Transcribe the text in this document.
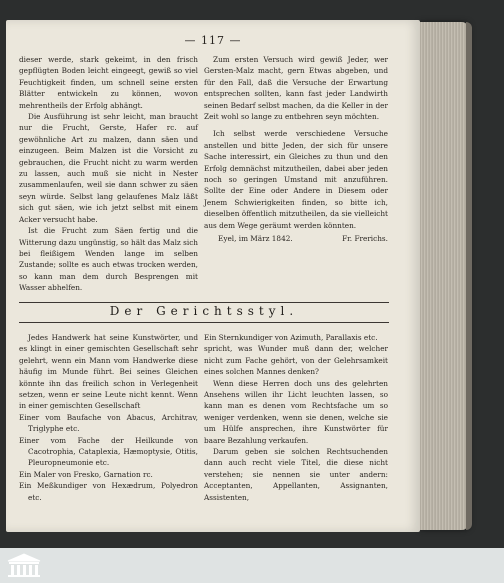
— 117 —

dieser werde, stark gekeimt, in den frisch gepflügten Boden leicht eingeegt, gewiß so viel Feuchtigkeit finden, um schnell seine ersten Blätter entwickeln zu können, wovon mehrentheils der Erfolg abhängt.

Die Ausführung ist sehr leicht, man braucht nur die Frucht, Gerste, Hafer rc. auf gewöhnliche Art zu malzen, dann säen und einzugeen. Beim Malzen ist die Vorsicht zu gebrauchen, die Frucht nicht zu warm werden zu lassen, auch muß sie nicht in Nester zusammenlaufen, weil sie dann schwer zu säen seyn würde. Selbst lang gelaufenes Malz läßt sich gut säen, wie ich jetzt selbst mit einem Acker versucht habe.

Ist die Frucht zum Säen fertig und die Witterung dazu ungünstig, so hält das Malz sich bei fleißigem Wenden lange im selben Zustande; sollte es auch etwas trocken werden, so kann man dem durch Besprengen mit Wasser abhelfen.

Zum ersten Versuch wird gewiß Jeder, wer Gersten-Malz macht, gern Etwas abgeben, und für den Fall, daß die Versuche der Erwartung entsprechen sollten, kann fast jeder Landwirth seinen Bedarf selbst machen, da die Keller in der Zeit wohl so lange zu entbehren seyn möchten.

Ich selbst werde verschiedene Versuche anstellen und bitte Jeden, der sich für unsere Sache interessirt, ein Gleiches zu thun und den Erfolg demnächst mitzutheilen, dabei aber jeden noch so geringen Umstand mit anzuführen. Sollte der Eine oder Andere in Diesem oder Jenem Schwierigkeiten finden, so bitte ich, dieselben öffentlich mitzutheilen, da sie vielleicht aus dem Wege geräumt werden könnten.

Eyel, im März 1842.	Fr. Frerichs.
Der Gerichtsstyl.

Jedes Handwerk hat seine Kunstwörter, und es klingt in einer gemischten Gesellschaft sehr gelehrt, wenn ein Mann vom Handwerke diese häufig im Munde führt. Bei seines Gleichen könnte ihn das freilich schon in Verlegenheit setzen, wenn er seine Leute nicht kennt. Wenn in einer gemischten Gesellschaft

Einer vom Baufache von Abacus, Architrav, Triglyphe etc.

Einer vom Fache der Heilkunde von Cacotrophia, Cataplexia, Hæmoptysie, Otitis, Pleuropneumonie etc.

Ein Maler von Fresko, Garnation rc.

Ein Meßkundiger von Hexædrum, Polyedron etc.

Ein Sternkundiger von Azimuth, Parallaxis etc.

spricht, was Wunder muß dann der, welcher nicht zum Fache gehört, von der Gelehrsamkeit eines solchen Mannes denken?

Wenn diese Herren doch uns des gelehrten Ansehens willen ihr Licht leuchten lassen, so kann man es denen vom Rechtsfache um so weniger verdenken, wenn sie denen, welche sie um Hülfe ansprechen, ihre Kunstwörter für baare Bezahlung verkaufen.

Darum geben sie solchen Rechtsuchenden dann auch recht viele Titel, die diese nicht verstehen; sie nennen sie unter andern: Acceptanten, Appellanten, Assignanten, Assistenten,
